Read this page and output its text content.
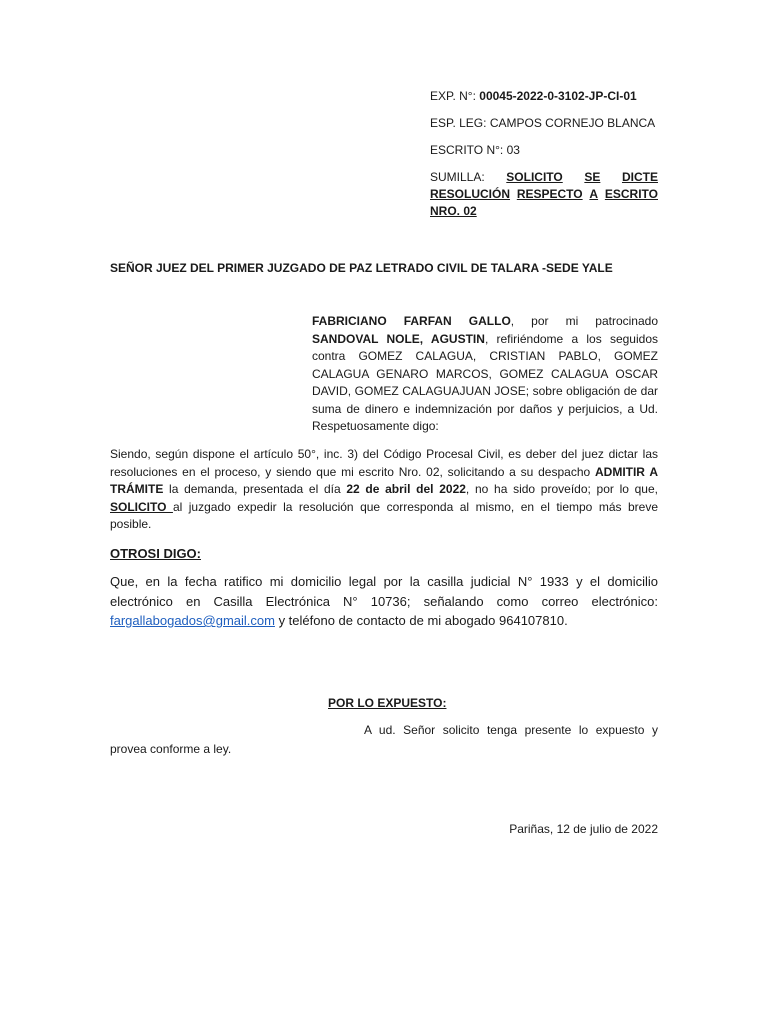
EXP. N°: 00045-2022-0-3102-JP-CI-01
ESP. LEG: CAMPOS CORNEJO BLANCA
ESCRITO N°: 03
SUMILLA: SOLICITO SE DICTE
RESOLUCIÓN RESPECTO A ESCRITO
NRO. 02
SEÑOR JUEZ DEL PRIMER JUZGADO DE PAZ LETRADO CIVIL DE TALARA -SEDE YALE
FABRICIANO FARFAN GALLO, por mi patrocinado SANDOVAL NOLE, AGUSTIN, refiriéndome a los seguidos contra GOMEZ CALAGUA, CRISTIAN PABLO, GOMEZ CALAGUA GENARO MARCOS, GOMEZ CALAGUA OSCAR DAVID, GOMEZ CALAGUAJUAN JOSE; sobre obligación de dar suma de dinero e indemnización por daños y perjuicios, a Ud. Respetuosamente digo:
Siendo, según dispone el artículo 50°, inc. 3) del Código Procesal Civil, es deber del juez dictar las resoluciones en el proceso, y siendo que mi escrito Nro. 02, solicitando a su despacho ADMITIR A TRÁMITE la demanda, presentada el día 22 de abril del 2022, no ha sido proveído; por lo que, SOLICITO al juzgado expedir la resolución que corresponda al mismo, en el tiempo más breve posible.
OTROSI DIGO:
Que, en la fecha ratifico mi domicilio legal por la casilla judicial N° 1933 y el domicilio electrónico en Casilla Electrónica N° 10736; señalando como correo electrónico: fargallabogados@gmail.com y teléfono de contacto de mi abogado 964107810.
POR LO EXPUESTO:
A ud. Señor solicito tenga presente lo expuesto y provea conforme a ley.
Pariñas, 12 de julio de 2022
